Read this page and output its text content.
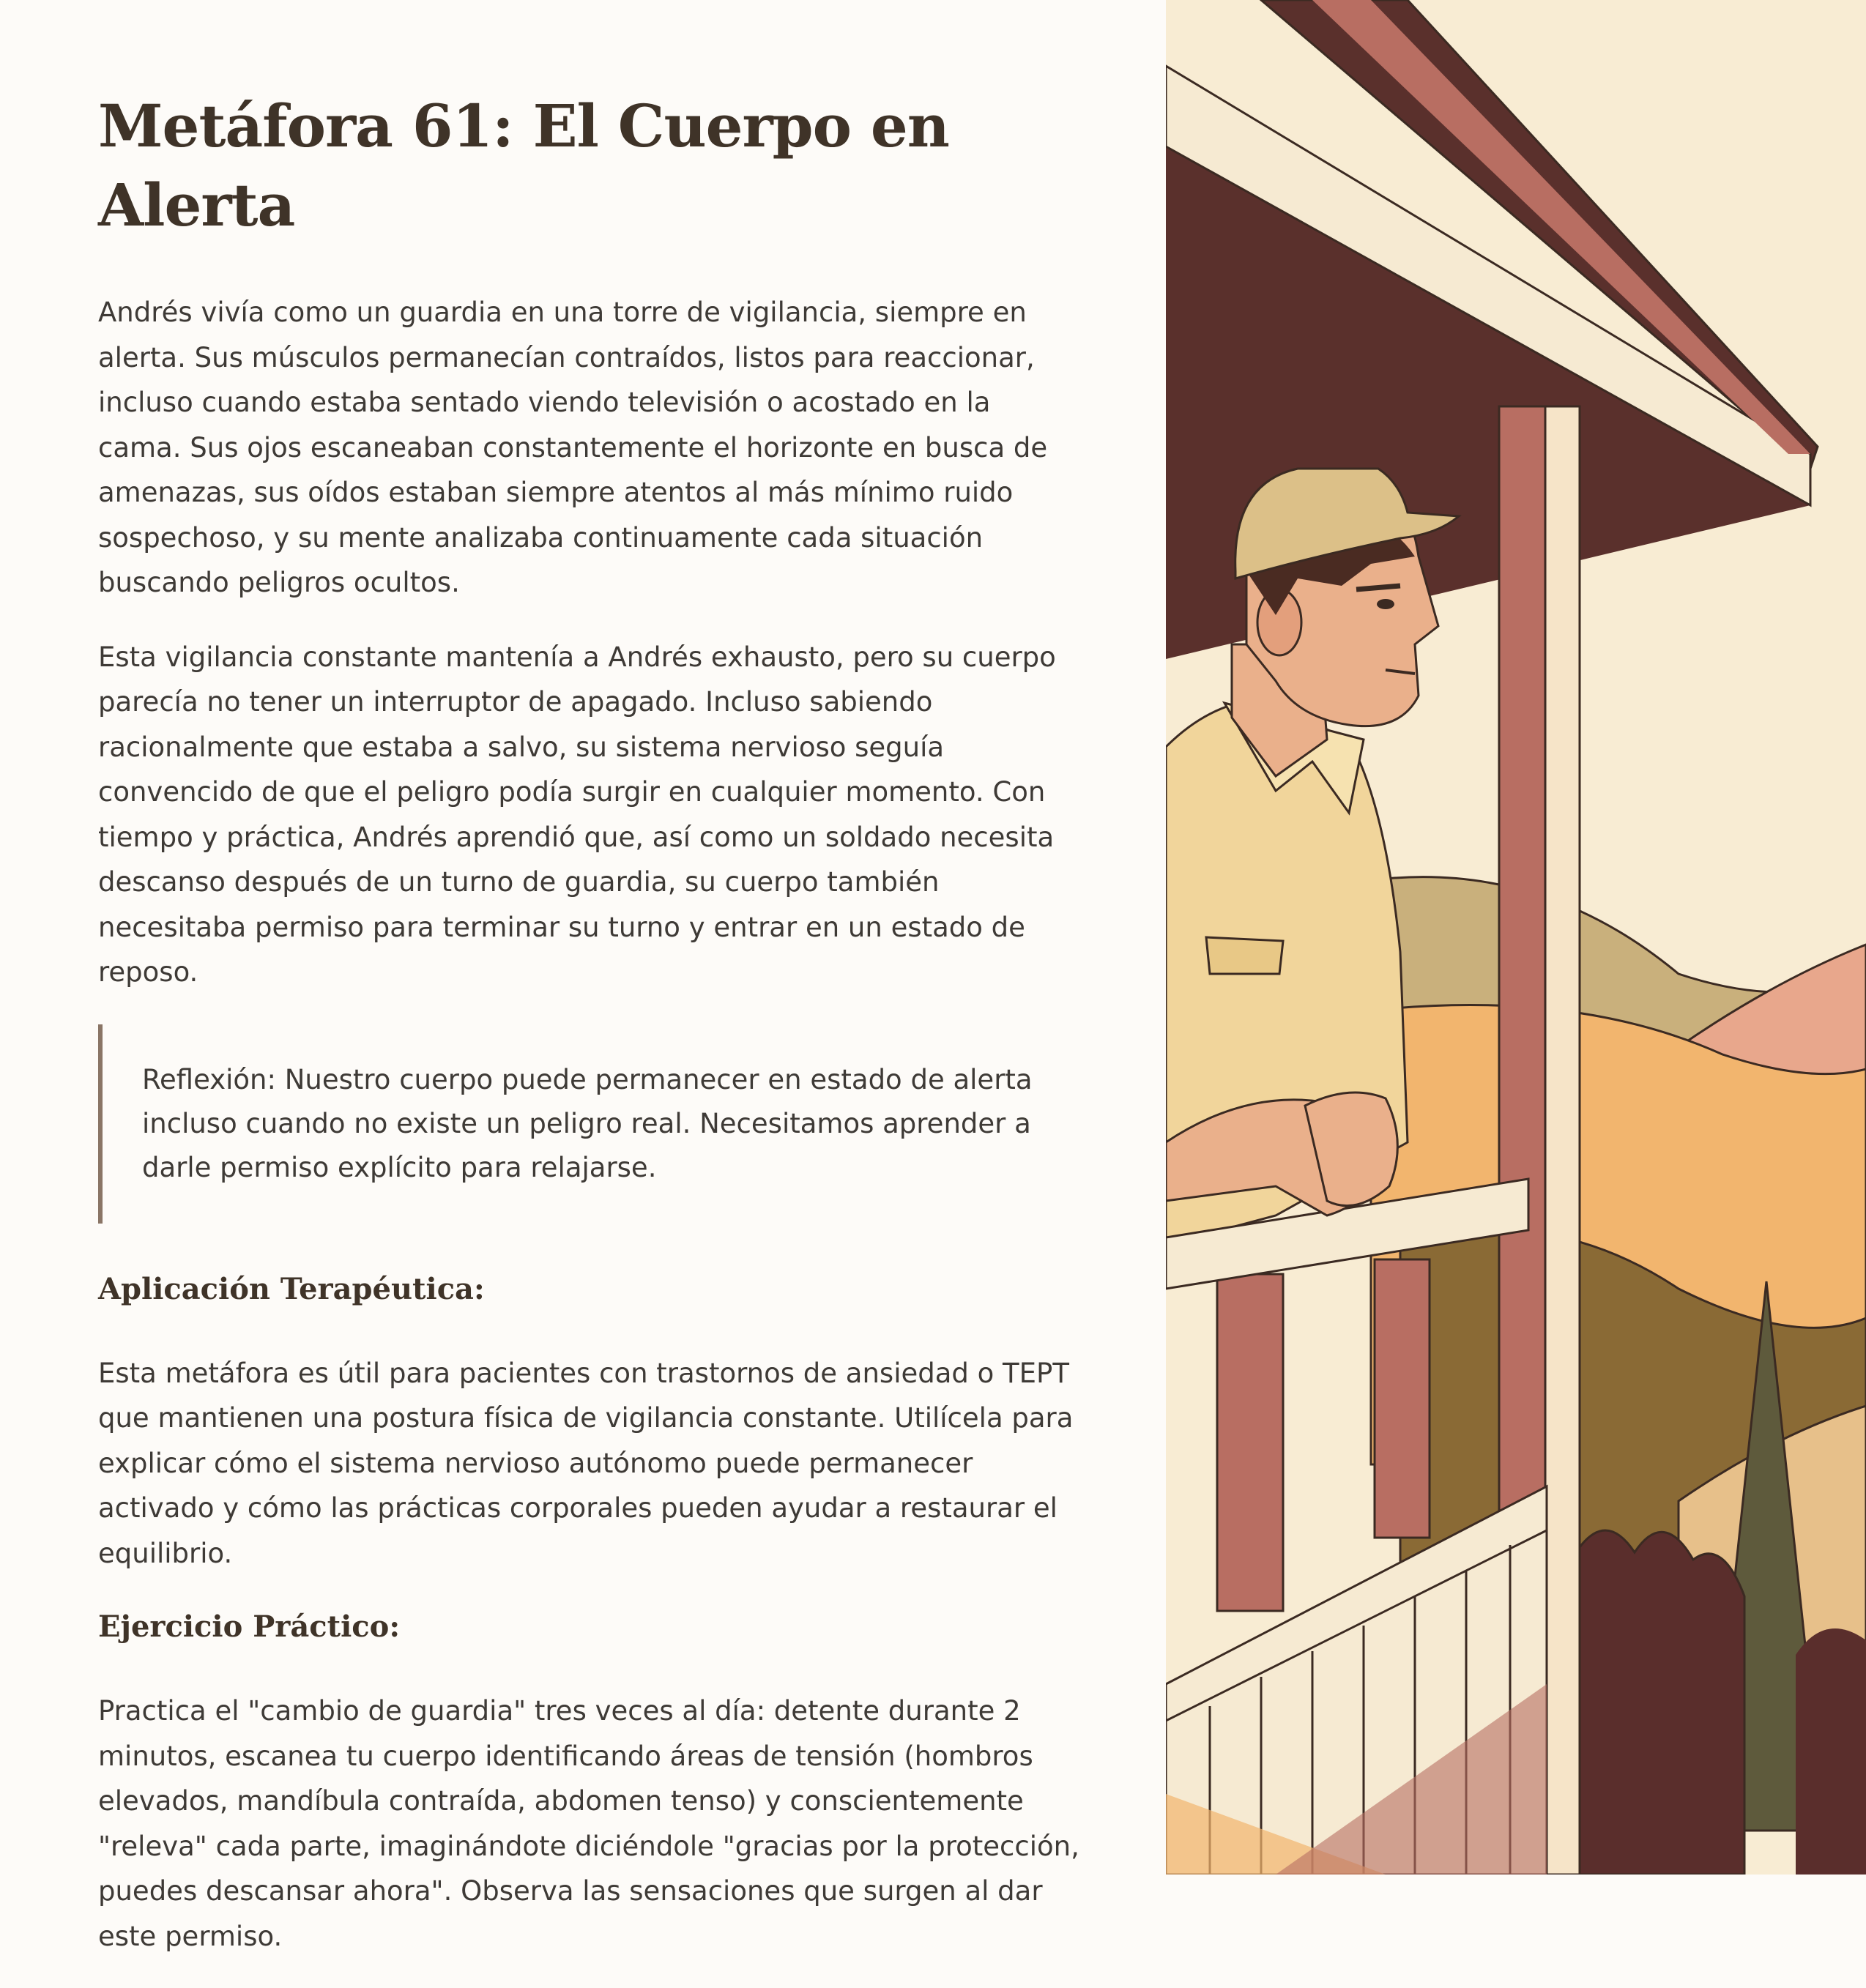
Metáfora 61: El Cuerpo en Alerta

Andrés vivía como un guardia en una torre de vigilancia, siempre en alerta. Sus músculos permanecían contraídos, listos para reaccionar, incluso cuando estaba sentado viendo televisión o acostado en la cama. Sus ojos escaneaban constantemente el horizonte en busca de amenazas, sus oídos estaban siempre atentos al más mínimo ruido sospechoso, y su mente analizaba continuamente cada situación buscando peligros ocultos.

Esta vigilancia constante mantenía a Andrés exhausto, pero su cuerpo parecía no tener un interruptor de apagado. Incluso sabiendo racionalmente que estaba a salvo, su sistema nervioso seguía convencido de que el peligro podía surgir en cualquier momento. Con tiempo y práctica, Andrés aprendió que, así como un soldado necesita descanso después de un turno de guardia, su cuerpo también necesitaba permiso para terminar su turno y entrar en un estado de reposo.

Reflexión: Nuestro cuerpo puede permanecer en estado de alerta incluso cuando no existe un peligro real. Necesitamos aprender a darle permiso explícito para relajarse.
Aplicación Terapéutica:

Esta metáfora es útil para pacientes con trastornos de ansiedad o TEPT que mantienen una postura física de vigilancia constante. Utilícela para explicar cómo el sistema nervioso autónomo puede permanecer activado y cómo las prácticas corporales pueden ayudar a restaurar el equilibrio.

Ejercicio Práctico:

Practica el "cambio de guardia" tres veces al día: detente durante 2 minutos, escanea tu cuerpo identificando áreas de tensión (hombros elevados, mandíbula contraída, abdomen tenso) y conscientemente "releva" cada parte, imaginándote diciéndole "gracias por la protección, puedes descansar ahora". Observa las sensaciones que surgen al dar este permiso.
